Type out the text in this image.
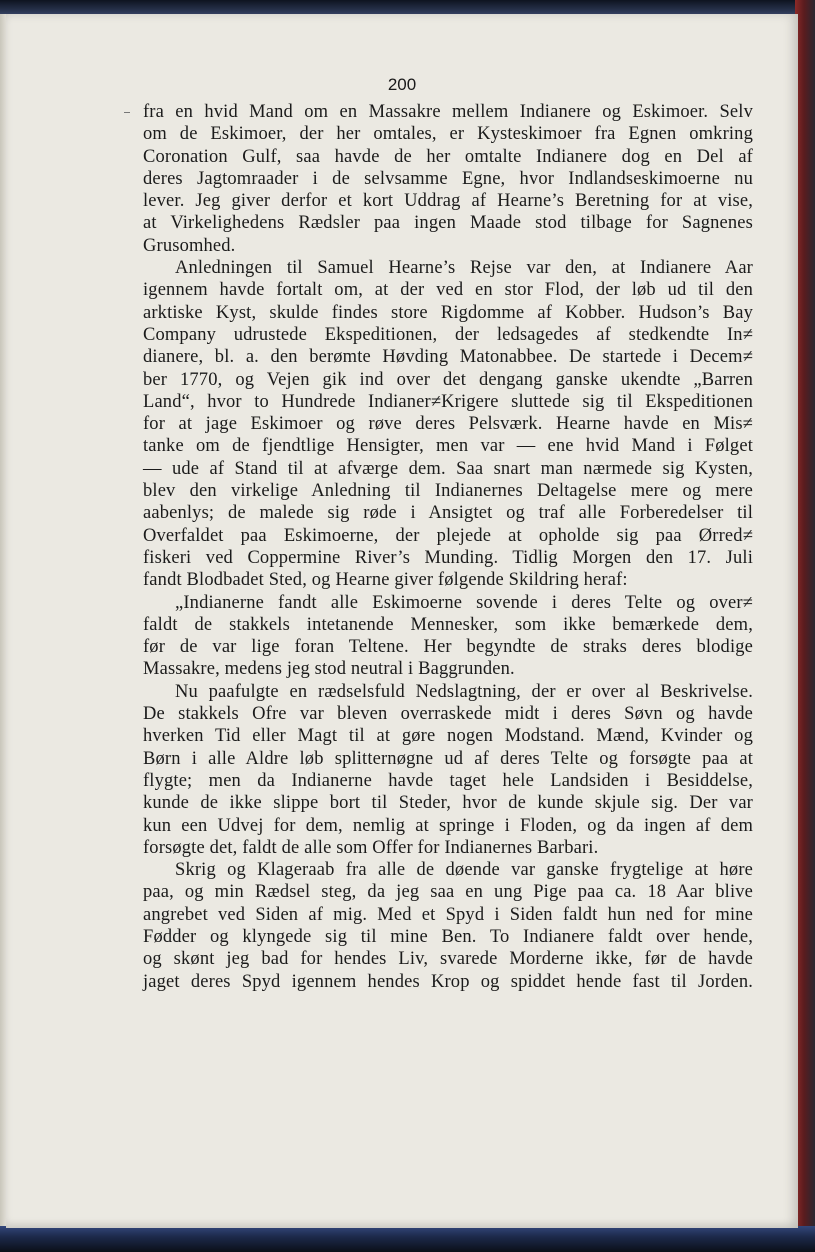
200
fra en hvid Mand om en Massakre mellem Indianere og Eskimoer. Selv
om de Eskimoer, der her omtales, er Kysteskimoer fra Egnen omkring
Coronation Gulf, saa havde de her omtalte Indianere dog en Del af
deres Jagtomraader i de selvsamme Egne, hvor Indlandseskimoerne nu
lever. Jeg giver derfor et kort Uddrag af Hearne’s Beretning for at vise,
at Virkelighedens Rædsler paa ingen Maade stod tilbage for Sagnenes
Grusomhed.
Anledningen til Samuel Hearne’s Rejse var den, at Indianere Aar
igennem havde fortalt om, at der ved en stor Flod, der løb ud til den
arktiske Kyst, skulde findes store Rigdomme af Kobber. Hudson’s Bay
Company udrustede Ekspeditionen, der ledsagedes af stedkendte In≠
dianere, bl. a. den berømte Høvding Matonabbee. De startede i Decem≠
ber 1770, og Vejen gik ind over det dengang ganske ukendte „Barren
Land“, hvor to Hundrede Indianer≠Krigere sluttede sig til Ekspeditionen
for at jage Eskimoer og røve deres Pelsværk. Hearne havde en Mis≠
tanke om de fjendtlige Hensigter, men var — ene hvid Mand i Følget
— ude af Stand til at afværge dem. Saa snart man nærmede sig Kysten,
blev den virkelige Anledning til Indianernes Deltagelse mere og mere
aabenlys; de malede sig røde i Ansigtet og traf alle Forberedelser til
Overfaldet paa Eskimoerne, der plejede at opholde sig paa Ørred≠
fiskeri ved Coppermine River’s Munding. Tidlig Morgen den 17. Juli
fandt Blodbadet Sted, og Hearne giver følgende Skildring heraf:
„Indianerne fandt alle Eskimoerne sovende i deres Telte og over≠
faldt de stakkels intetanende Mennesker, som ikke bemærkede dem,
før de var lige foran Teltene. Her begyndte de straks deres blodige
Massakre, medens jeg stod neutral i Baggrunden.
Nu paafulgte en rædselsfuld Nedslagtning, der er over al Beskrivelse.
De stakkels Ofre var bleven overraskede midt i deres Søvn og havde
hverken Tid eller Magt til at gøre nogen Modstand. Mænd, Kvinder og
Børn i alle Aldre løb splitternøgne ud af deres Telte og forsøgte paa at
flygte; men da Indianerne havde taget hele Landsiden i Besiddelse,
kunde de ikke slippe bort til Steder, hvor de kunde skjule sig. Der var
kun een Udvej for dem, nemlig at springe i Floden, og da ingen af dem
forsøgte det, faldt de alle som Offer for Indianernes Barbari.
Skrig og Klageraab fra alle de døende var ganske frygtelige at høre
paa, og min Rædsel steg, da jeg saa en ung Pige paa ca. 18 Aar blive
angrebet ved Siden af mig. Med et Spyd i Siden faldt hun ned for mine
Fødder og klyngede sig til mine Ben. To Indianere faldt over hende,
og skønt jeg bad for hendes Liv, svarede Morderne ikke, før de havde
jaget deres Spyd igennem hendes Krop og spiddet hende fast til Jorden.
